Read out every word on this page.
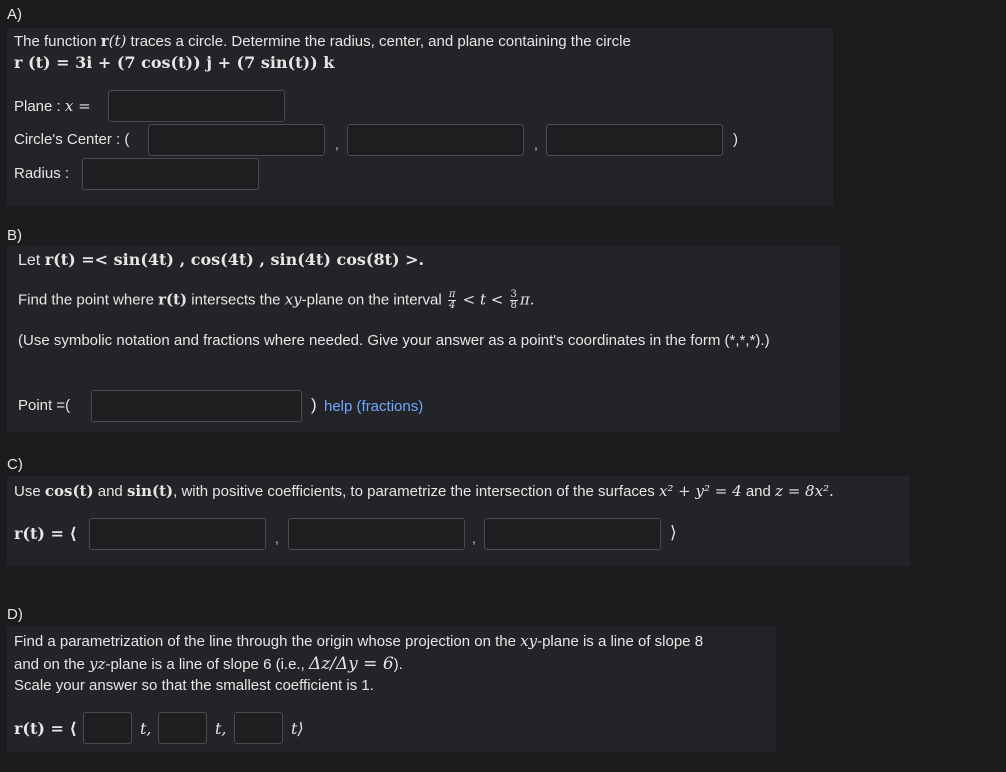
A)
The function r(t) traces a circle. Determine the radius, center, and plane containing the circle
r (t) = 3i + (7 cos(t)) j + (7 sin(t)) k
Plane : x =
Circle's Center : (	,	,	)
Radius :
B)
Let r(t) =< sin(4t) , cos(4t) , sin(4t) cos(8t) >.
Find the point where r(t) intersects the xy-plane on the interval $\frac{\pi}{4} < t < \frac{3}{8} \pi$.
(Use symbolic notation and fractions where needed. Give your answer as a point's coordinates in the form (*,*,*).)
Point =(	) help (fractions)
C)
Use cos(t) and sin(t), with positive coefficients, to parametrize the intersection of the surfaces x² + y² = 4 and z = 8x².
r(t) = ⟨	,	,	⟩
D)
Find a parametrization of the line through the origin whose projection on the xy-plane is a line of slope 8
and on the yz-plane is a line of slope 6 (i.e., Δz/Δy = 6).
Scale your answer so that the smallest coefficient is 1.
r(t) = ⟨	t,	t,	t⟩
